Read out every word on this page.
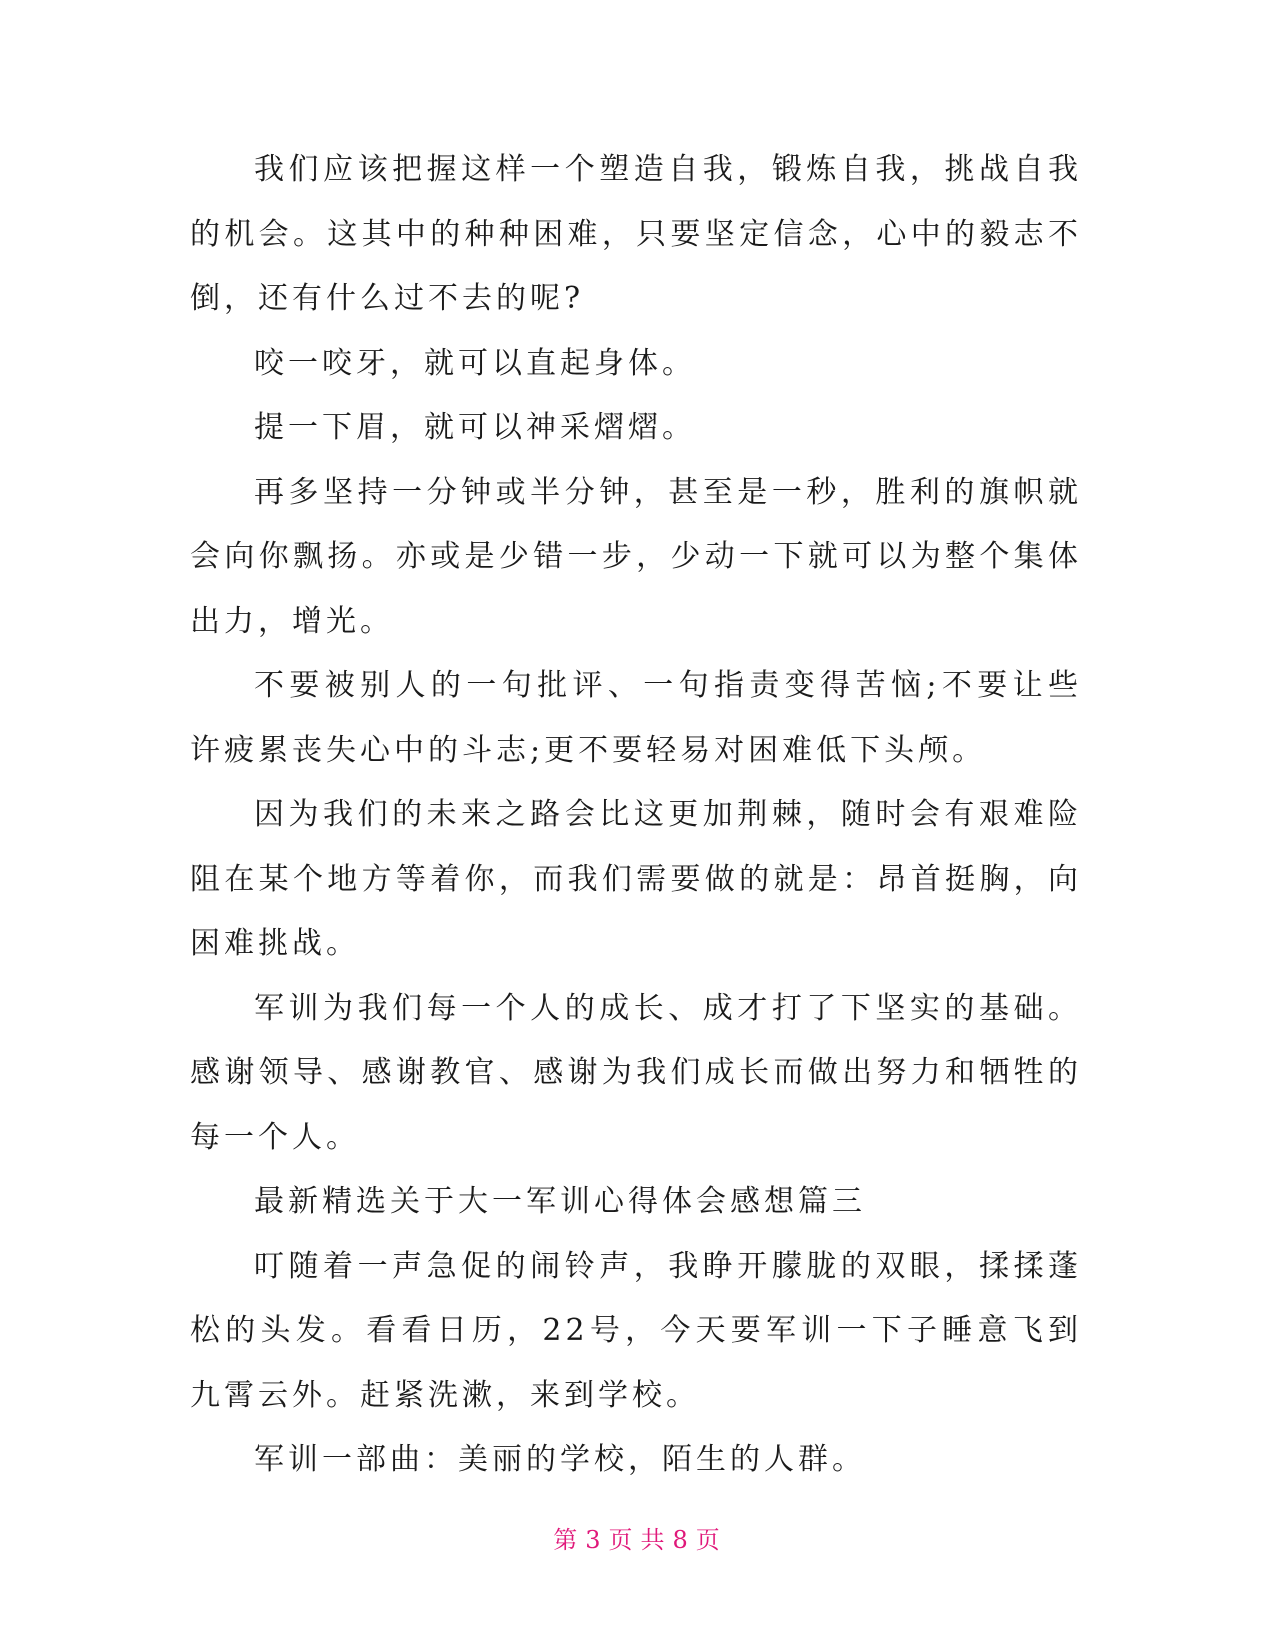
我们应该把握这样一个塑造自我，锻炼自我，挑战自我的机会。这其中的种种困难，只要坚定信念，心中的毅志不倒，还有什么过不去的呢?

咬一咬牙，就可以直起身体。

提一下眉，就可以神采熠熠。

再多坚持一分钟或半分钟，甚至是一秒，胜利的旗帜就会向你飘扬。亦或是少错一步，少动一下就可以为整个集体出力，增光。

不要被别人的一句批评、一句指责变得苦恼;不要让些许疲累丧失心中的斗志;更不要轻易对困难低下头颅。

因为我们的未来之路会比这更加荆棘，随时会有艰难险阻在某个地方等着你，而我们需要做的就是：昂首挺胸，向困难挑战。

军训为我们每一个人的成长、成才打了下坚实的基础。感谢领导、感谢教官、感谢为我们成长而做出努力和牺牲的每一个人。

最新精选关于大一军训心得体会感想篇三

叮随着一声急促的闹铃声，我睁开朦胧的双眼，揉揉蓬松的头发。看看日历，22号，今天要军训一下子睡意飞到九霄云外。赶紧洗漱，来到学校。

军训一部曲：美丽的学校，陌生的人群。

第 3 页 共 8 页
